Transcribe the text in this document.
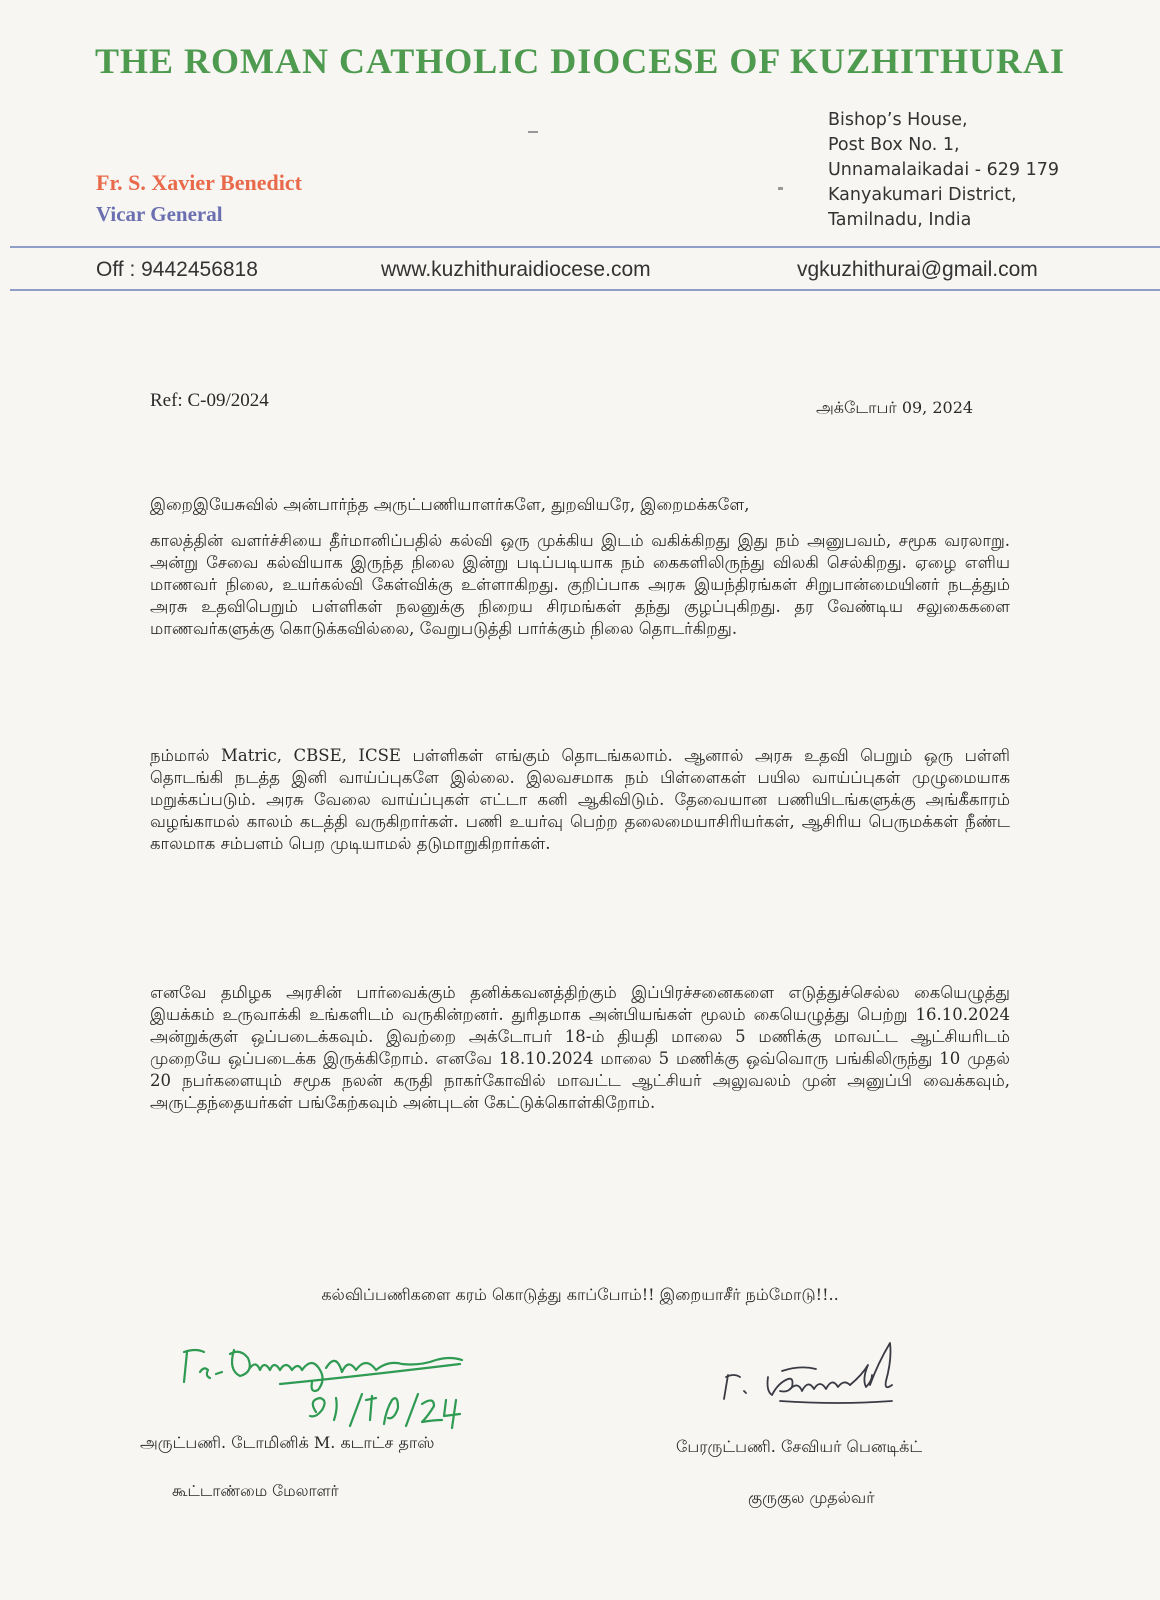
THE ROMAN CATHOLIC DIOCESE OF KUZHITHURAI
Fr. S. Xavier Benedict
Vicar General
Bishop’s House,
Post Box No. 1,
Unnamalaikadai - 629 179
Kanyakumari District,
Tamilnadu, India
Off : 9442456818	www.kuzhithuraidiocese.com	vgkuzhithurai@gmail.com
Ref: C-09/2024	அக்டோபர் 09, 2024
இறைஇயேசுவில் அன்பார்ந்த அருட்பணியாளர்களே, துறவியரே, இறைமக்களே,

காலத்தின் வளர்ச்சியை தீர்மானிப்பதில் கல்வி ஒரு முக்கிய இடம் வகிக்கிறது இது நம் அனுபவம், சமூக வரலாறு. அன்று சேவை கல்வியாக இருந்த நிலை இன்று படிப்படியாக நம் கைகளிலிருந்து விலகி செல்கிறது. ஏழை எளிய மாணவர் நிலை, உயர்கல்வி கேள்விக்கு உள்ளாகிறது. குறிப்பாக அரசு இயந்திரங்கள் சிறுபான்மையினர் நடத்தும் அரசு உதவிபெறும் பள்ளிகள் நலனுக்கு நிறைய சிரமங்கள் தந்து குழப்புகிறது. தர வேண்டிய சலுகைகளை மாணவர்களுக்கு கொடுக்கவில்லை, வேறுபடுத்தி பார்க்கும் நிலை தொடர்கிறது.

நம்மால் Matric, CBSE, ICSE பள்ளிகள் எங்கும் தொடங்கலாம். ஆனால் அரசு உதவி பெறும் ஒரு பள்ளி தொடங்கி நடத்த இனி வாய்ப்புகளே இல்லை. இலவசமாக நம் பிள்ளைகள் பயில வாய்ப்புகள் முழுமையாக மறுக்கப்படும். அரசு வேலை வாய்ப்புகள் எட்டா கனி ஆகிவிடும். தேவையான பணியிடங்களுக்கு அங்கீகாரம் வழங்காமல் காலம் கடத்தி வருகிறார்கள். பணி உயர்வு பெற்ற தலைமையாசிரியர்கள், ஆசிரிய பெருமக்கள் நீண்ட காலமாக சம்பளம் பெற முடியாமல் தடுமாறுகிறார்கள்.

எனவே தமிழக அரசின் பார்வைக்கும் தனிக்கவனத்திற்கும் இப்பிரச்சனைகளை எடுத்துச்செல்ல கையெழுத்து இயக்கம் உருவாக்கி உங்களிடம் வருகின்றனர். துரிதமாக அன்பியங்கள் மூலம் கையெழுத்து பெற்று 16.10.2024 அன்றுக்குள் ஒப்படைக்கவும். இவற்றை அக்டோபர் 18-ம் தியதி மாலை 5 மணிக்கு மாவட்ட ஆட்சியரிடம் முறையே ஒப்படைக்க இருக்கிறோம். எனவே 18.10.2024 மாலை 5 மணிக்கு ஒவ்வொரு பங்கிலிருந்து 10 முதல் 20 நபர்களையும் சமூக நலன் கருதி நாகர்கோவில் மாவட்ட ஆட்சியர் அலுவலம் முன் அனுப்பி வைக்கவும், அருட்தந்தையர்கள் பங்கேற்கவும் அன்புடன் கேட்டுக்கொள்கிறோம்.

கல்விப்பணிகளை கரம் கொடுத்து காப்போம்!! இறையாசீர் நம்மோடு!!..
அருட்பணி. டோமினிக் M. கடாட்ச தாஸ்
கூட்டாண்மை மேலாளர்
பேரருட்பணி. சேவியர் பெனடிக்ட்
குருகுல முதல்வர்
